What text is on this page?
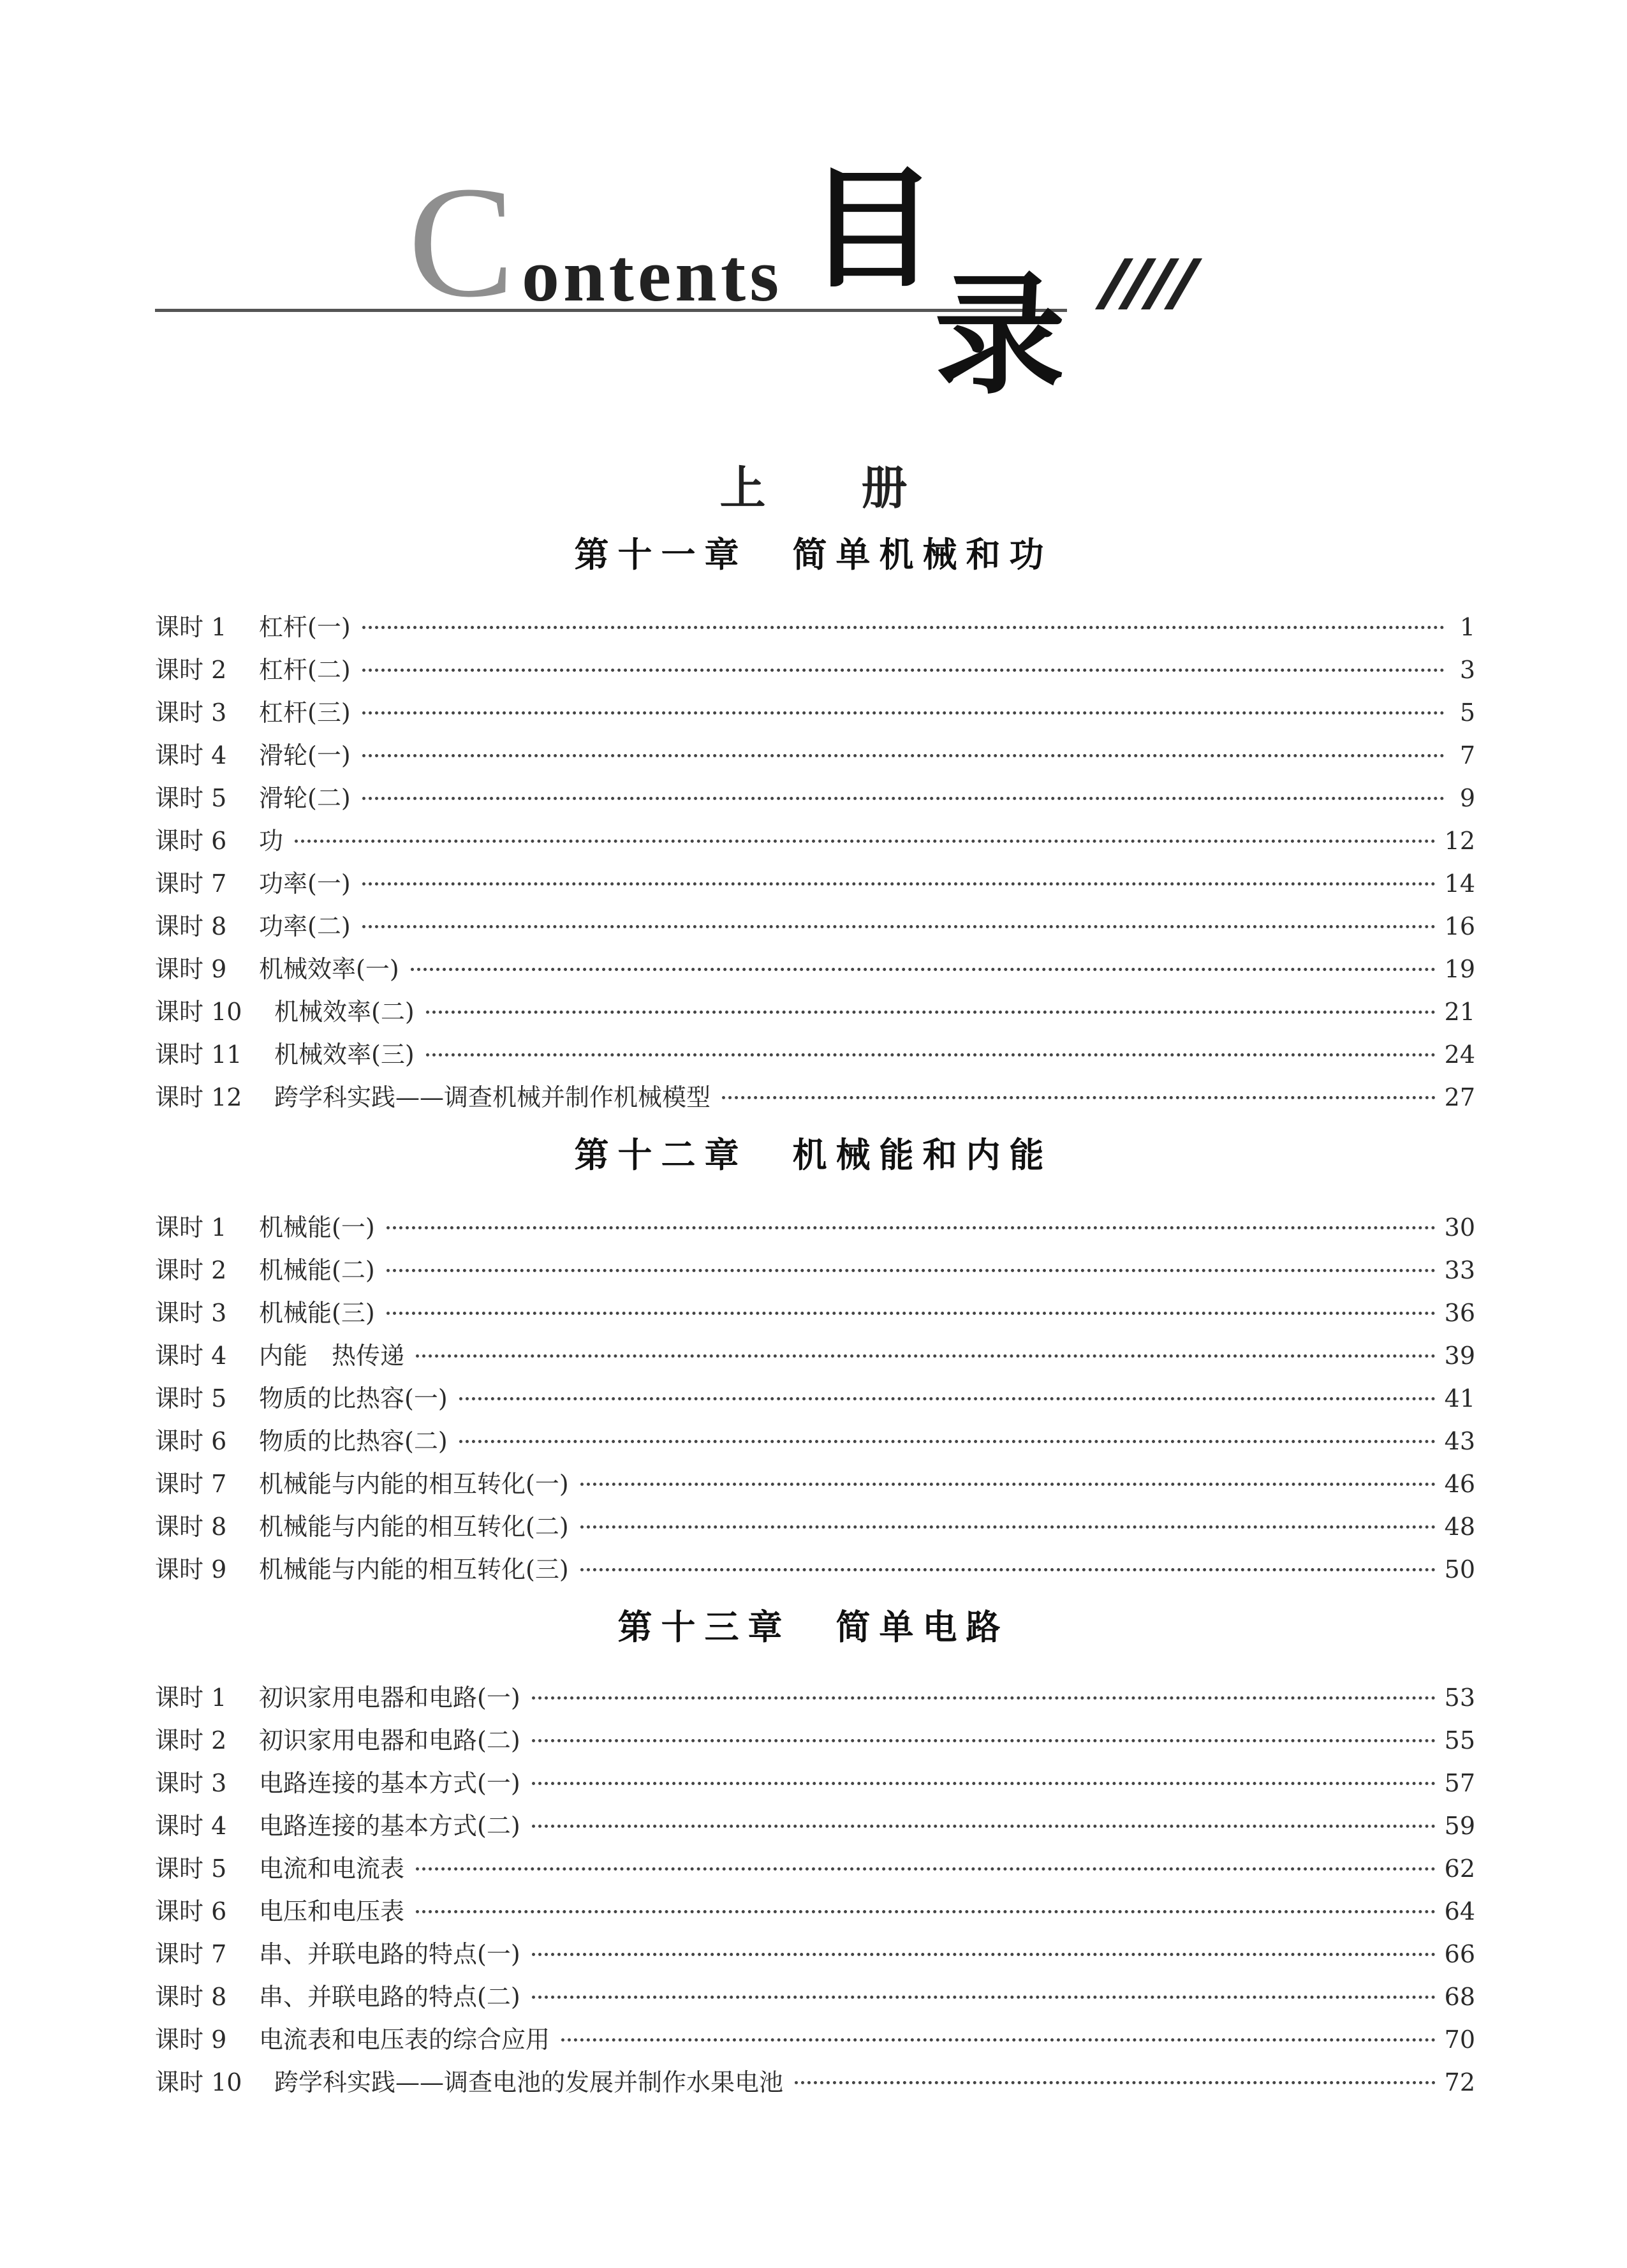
C ontents 目
录
上册
第十一章 简单机械和功
课时 1 杠杆(一)	1
课时 2 杠杆(二)	3
课时 3 杠杆(三)	5
课时 4 滑轮(一)	7
课时 5 滑轮(二)	9
课时 6 功	12
课时 7 功率(一)	14
课时 8 功率(二)	16
课时 9 机械效率(一)	19
课时 10 机械效率(二)	21
课时 11 机械效率(三)	24
课时 12 跨学科实践——调查机械并制作机械模型	27
第十二章 机械能和内能
课时 1 机械能(一)	30
课时 2 机械能(二)	33
课时 3 机械能(三)	36
课时 4 内能　热传递	39
课时 5 物质的比热容(一)	41
课时 6 物质的比热容(二)	43
课时 7 机械能与内能的相互转化(一)	46
课时 8 机械能与内能的相互转化(二)	48
课时 9 机械能与内能的相互转化(三)	50
第十三章 简单电路
课时 1 初识家用电器和电路(一)	53
课时 2 初识家用电器和电路(二)	55
课时 3 电路连接的基本方式(一)	57
课时 4 电路连接的基本方式(二)	59
课时 5 电流和电流表	62
课时 6 电压和电压表	64
课时 7 串、并联电路的特点(一)	66
课时 8 串、并联电路的特点(二)	68
课时 9 电流表和电压表的综合应用	70
课时 10 跨学科实践——调查电池的发展并制作水果电池	72
